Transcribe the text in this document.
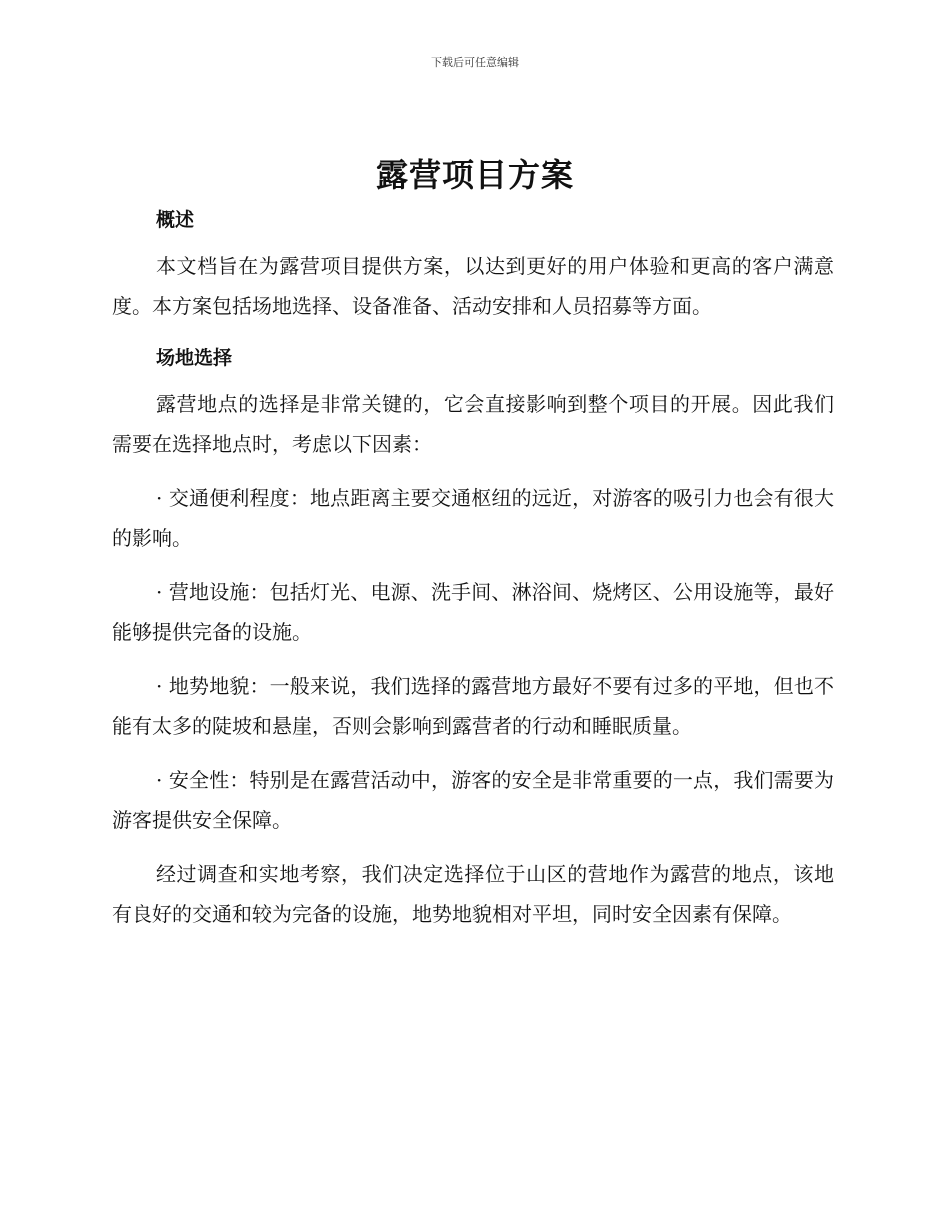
下载后可任意编辑
露营项目方案
概述

本文档旨在为露营项目提供方案，以达到更好的用户体验和更高的客户满意度。本方案包括场地选择、设备准备、活动安排和人员招募等方面。

场地选择

露营地点的选择是非常关键的，它会直接影响到整个项目的开展。因此我们需要在选择地点时，考虑以下因素：

· 交通便利程度：地点距离主要交通枢纽的远近，对游客的吸引力也会有很大的影响。

· 营地设施：包括灯光、电源、洗手间、淋浴间、烧烤区、公用设施等，最好能够提供完备的设施。

· 地势地貌：一般来说，我们选择的露营地方最好不要有过多的平地，但也不能有太多的陡坡和悬崖，否则会影响到露营者的行动和睡眠质量。

· 安全性：特别是在露营活动中，游客的安全是非常重要的一点，我们需要为游客提供安全保障。

经过调查和实地考察，我们决定选择位于山区的营地作为露营的地点，该地有良好的交通和较为完备的设施，地势地貌相对平坦，同时安全因素有保障。
